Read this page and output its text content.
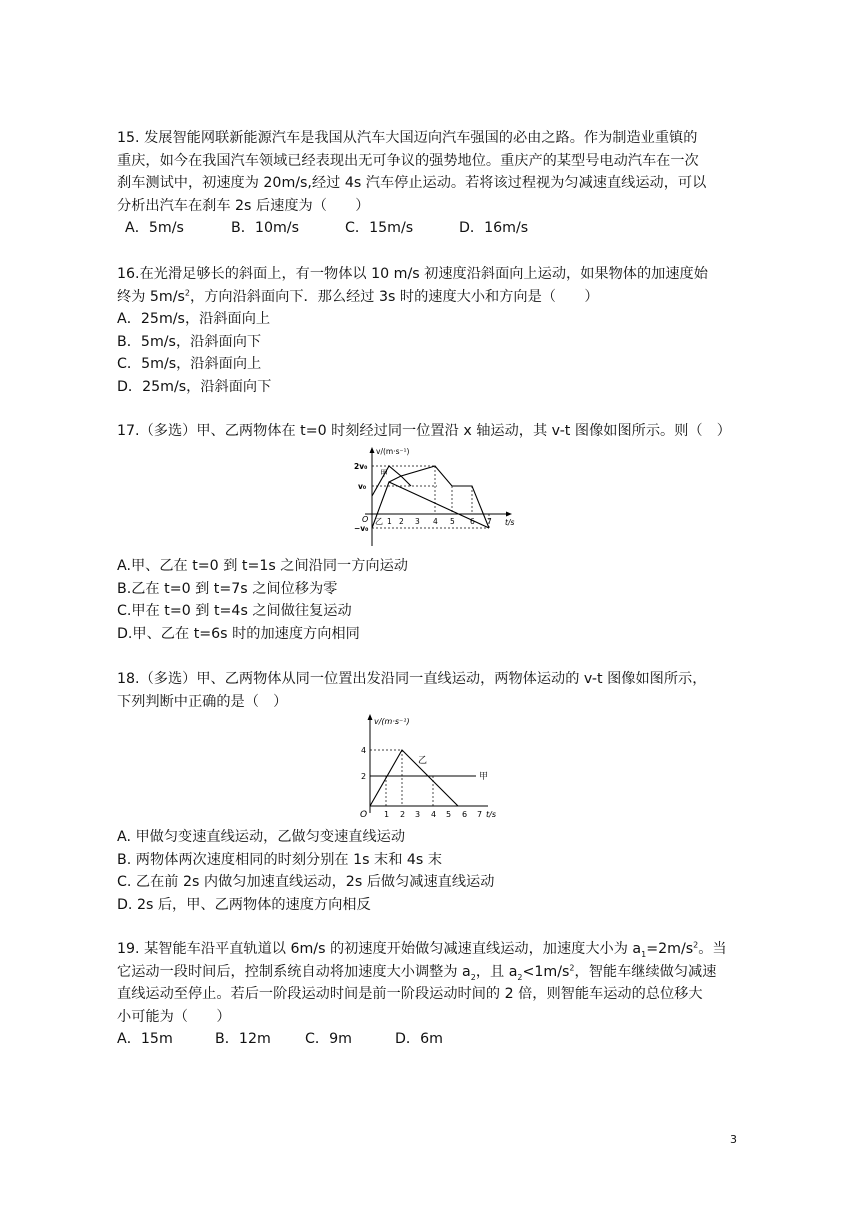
15. 发展智能网联新能源汽车是我国从汽车大国迈向汽车强国的必由之路。作为制造业重镇的
重庆，如今在我国汽车领域已经表现出无可争议的强势地位。重庆产的某型号电动汽车在一次
刹车测试中，初速度为 20m/s,经过 4s 汽车停止运动。若将该过程视为匀减速直线运动，可以
分析出汽车在刹车 2s 后速度为（　　）
A．5m/s	B．10m/s	C．15m/s	D．16m/s
16.在光滑足够长的斜面上，有一物体以 10 m/s 初速度沿斜面向上运动，如果物体的加速度始
终为 $5m/s^2$，方向沿斜面向下．那么经过 3s 时的速度大小和方向是（　　）
A．25m/s，沿斜面向上
B．5m/s，沿斜面向下
C．5m/s，沿斜面向上
D．25m/s，沿斜面向下
17.（多选）甲、乙两物体在 t=0 时刻经过同一位置沿 x 轴运动，其 v-t 图像如图所示。则（　）
v/(m·s⁻¹)
2v₀
v₀
−v₀
O	t/s
1 2 3 4 5 6 7
甲
乙
A.甲、乙在 t=0 到 t=1s 之间沿同一方向运动
B.乙在 t=0 到 t=7s 之间位移为零
C.甲在 t=0 到 t=4s 之间做往复运动
D.甲、乙在 t=6s 时的加速度方向相同
18.（多选）甲、乙两物体从同一位置出发沿同一直线运动，两物体运动的 v-t 图像如图所示，
下列判断中正确的是（　）
v/(m·s⁻¹)
4
2
O 1 2 3 4 5 6 7 t/s
甲
乙
A. 甲做匀变速直线运动，乙做匀变速直线运动
B. 两物体两次速度相同的时刻分别在 1s 末和 4s 末
C. 乙在前 2s 内做匀加速直线运动，2s 后做匀减速直线运动
D. 2s 后，甲、乙两物体的速度方向相反
19. 某智能车沿平直轨道以 6m/s 的初速度开始做匀减速直线运动，加速度大小为 $a_1=2m/s^2$。当
它运动一段时间后，控制系统自动将加速度大小调整为 $a_2$，且 $a_2<1m/s^2$，智能车继续做匀减速
直线运动至停止。若后一阶段运动时间是前一阶段运动时间的 2 倍，则智能车运动的总位移大
小可能为（　　）
A．15m	B．12m C．9m	D．6m
3
